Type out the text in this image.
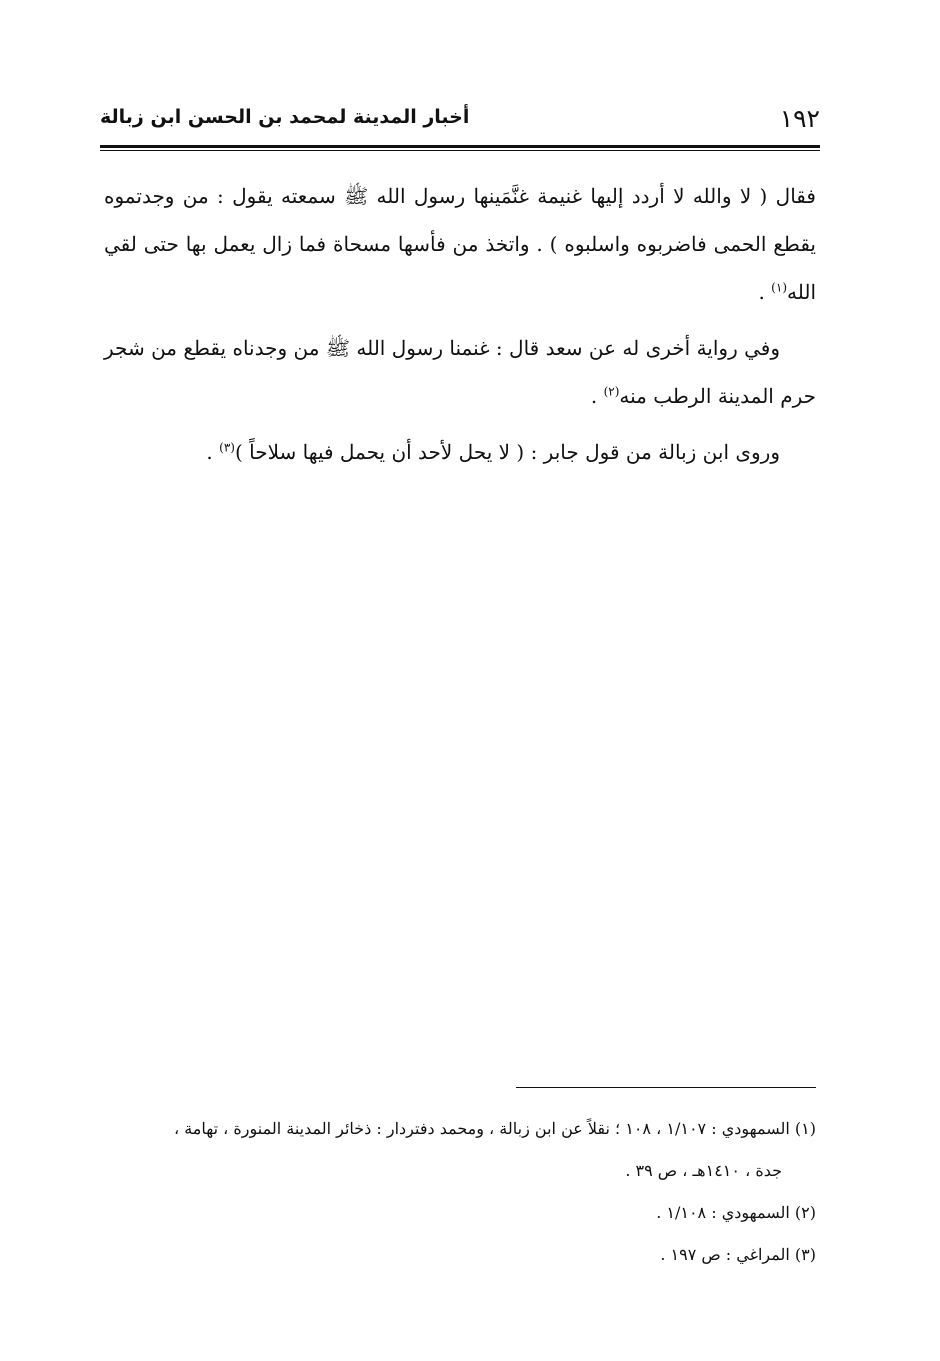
١٩٢
أخبار المدينة لمحمد بن الحسن ابن زبالة

فقال ( لا والله لا أردد إليها غنيمة غنَّمَينها رسول الله ﷺ سمعته يقول : من وجدتموه يقطع الحمى فاضربوه واسلبوه ) . واتخذ من فأسها مسحاة فما زال يعمل بها حتى لقي الله$^{(١)}$ .

وفي رواية أخرى له عن سعد قال : غنمنا رسول الله ﷺ من وجدناه يقطع من شجر حرم المدينة الرطب منه$^{(٢)}$ .

وروى ابن زبالة من قول جابر : ( لا يحل لأحد أن يحمل فيها سلاحاً )$^{(٣)}$ .

(١) السمهودي : ١/١٠٧ ، ١٠٨ ؛ نقلاً عن ابن زبالة ، ومحمد دفتردار : ذخائر المدينة المنورة ، تهامة ،

جدة ، ١٤١٠هـ ، ص ٣٩ .

(٢) السمهودي : ١/١٠٨ .

(٣) المراغي : ص ١٩٧ .
